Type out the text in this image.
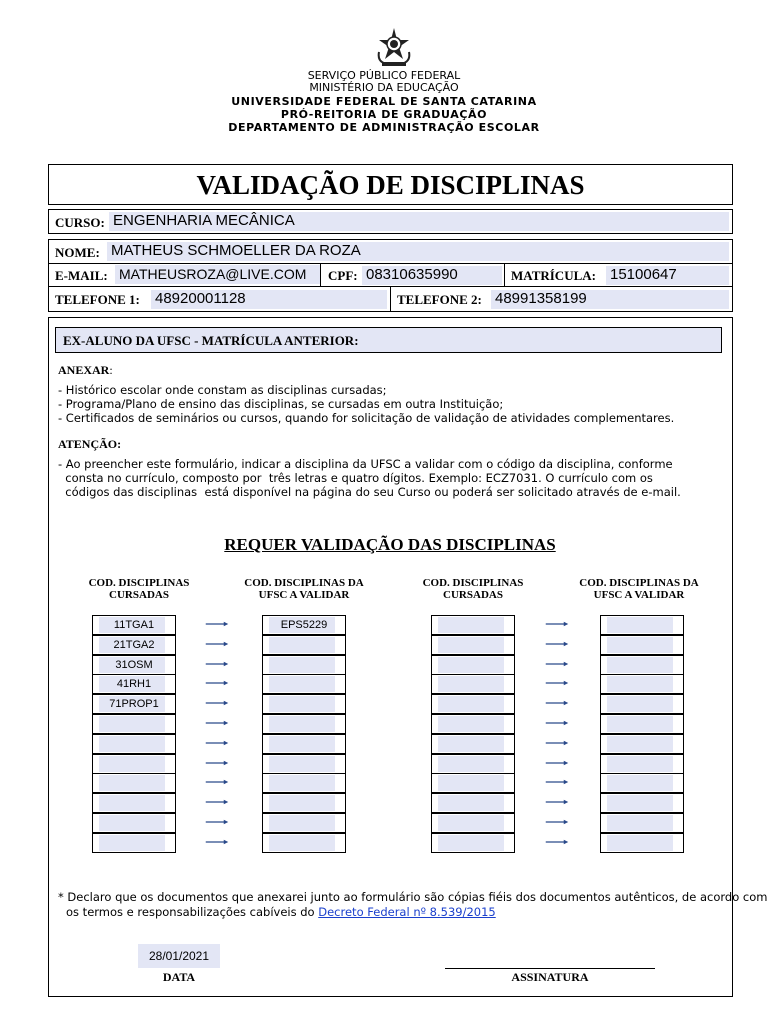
SERVIÇO PÚBLICO FEDERAL
MINISTÉRIO DA EDUCAÇÃO
UNIVERSIDADE FEDERAL DE SANTA CATARINA
PRÓ-REITORIA DE GRADUAÇÃO
DEPARTAMENTO DE ADMINISTRAÇÃO ESCOLAR
VALIDAÇÃO DE DISCIPLINAS
CURSO: ENGENHARIA MECÂNICA
NOME: MATHEUS SCHMOELLER DA ROZA
E-MAIL: MATHEUSROZA@LIVE.COM	CPF: 08310635990	MATRÍCULA: 15100647
TELEFONE 1: 48920001128	TELEFONE 2: 48991358199
EX-ALUNO DA UFSC - MATRÍCULA ANTERIOR:
ANEXAR:
- Histórico escolar onde constam as disciplinas cursadas;
- Programa/Plano de ensino das disciplinas, se cursadas em outra Instituição;
- Certificados de seminários ou cursos, quando for solicitação de validação de atividades complementares.
ATENÇÃO:
- Ao preencher este formulário, indicar a disciplina da UFSC a validar com o código da disciplina, conforme
consta no currículo, composto por  três letras e quatro dígitos. Exemplo: ECZ7031. O currículo com os
códigos das disciplinas  está disponível na página do seu Curso ou poderá ser solicitado através de e-mail.
REQUER VALIDAÇÃO DAS DISCIPLINAS
COD. DISCIPLINAS
CURSADAS
COD. DISCIPLINAS DA
UFSC A VALIDAR
COD. DISCIPLINAS
CURSADAS
COD. DISCIPLINAS DA
UFSC A VALIDAR
11TGA1	EPS5229
21TGA2
31OSM
41RH1
71PROP1
* Declaro que os documentos que anexarei junto ao formulário são cópias fiéis dos documentos autênticos, de acordo com
os termos e responsabilizações cabíveis do Decreto Federal nº 8.539/2015
28/01/2021
DATA	ASSINATURA
